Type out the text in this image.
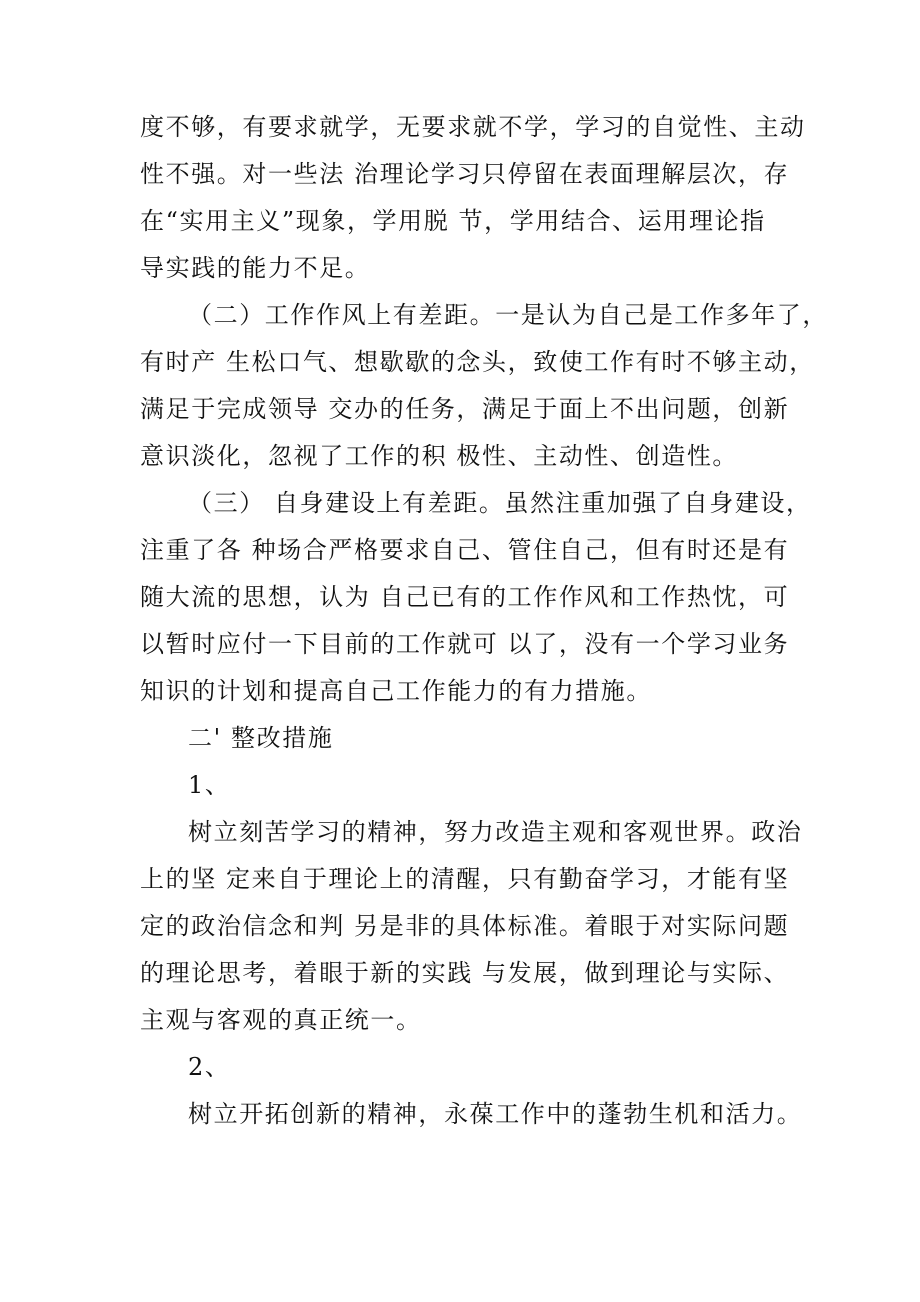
度不够，有要求就学，无要求就不学，学习的自觉性、主动
性不强。对一些法 治理论学习只停留在表面理解层次，存
在“实用主义”现象，学用脱 节，学用结合、运用理论指
导实践的能力不足。
（二）工作作风上有差距。一是认为自己是工作多年了，
有时产 生松口气、想歇歇的念头，致使工作有时不够主动，
满足于完成领导 交办的任务，满足于面上不出问题，创新
意识淡化，忽视了工作的积 极性、主动性、创造性。
（三） 自身建设上有差距。虽然注重加强了自身建设，
注重了各 种场合严格要求自己、管住自己，但有时还是有
随大流的思想，认为 自己已有的工作作风和工作热忱，可
以暂时应付一下目前的工作就可 以了，没有一个学习业务
知识的计划和提高自己工作能力的有力措施。
二' 整改措施
1、
树立刻苦学习的精神，努力改造主观和客观世界。政治
上的坚 定来自于理论上的清醒，只有勤奋学习，才能有坚
定的政治信念和判 另是非的具体标准。着眼于对实际问题
的理论思考，着眼于新的实践 与发展，做到理论与实际、
主观与客观的真正统一。
2、
树立开拓创新的精神，永葆工作中的蓬勃生机和活力。
